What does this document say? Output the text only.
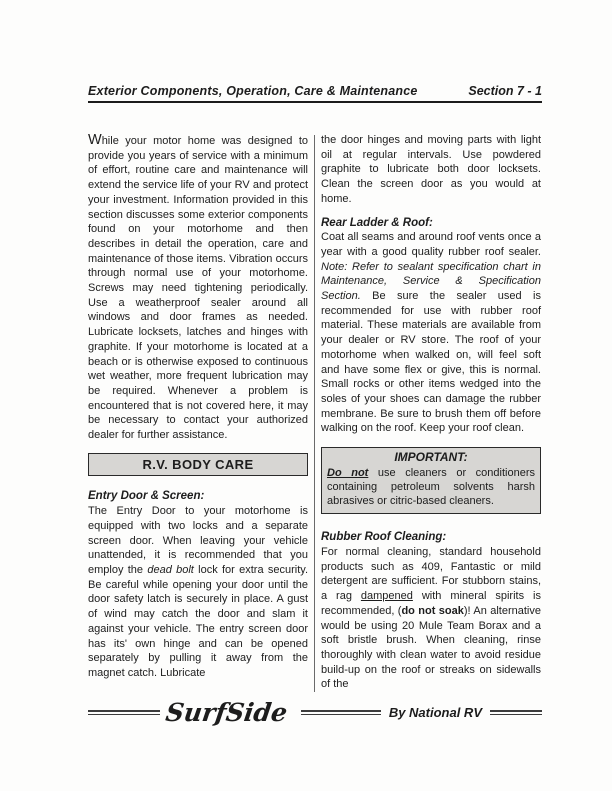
Exterior Components, Operation, Care & Maintenance	Section 7 - 1

While your motor home was designed to provide you years of service with a minimum of effort, routine care and maintenance will extend the service life of your RV and protect your investment. Information provided in this section discusses some exterior components found on your motorhome and then describes in detail the operation, care and maintenance of those items. Vibration occurs through normal use of your motorhome. Screws may need tightening periodically. Use a weatherproof sealer around all windows and door frames as needed. Lubricate locksets, latches and hinges with graphite. If your motorhome is located at a beach or is otherwise exposed to continuous wet weather, more frequent lubrication may be required. Whenever a problem is encountered that is not covered here, it may be necessary to contact your authorized dealer for further assistance.

R.V. BODY CARE

Entry Door & Screen:

The Entry Door to your motorhome is equipped with two locks and a separate screen door. When leaving your vehicle unattended, it is recommended that you employ the dead bolt lock for extra security. Be careful while opening your door until the door safety latch is securely in place. A gust of wind may catch the door and slam it against your vehicle. The entry screen door has its' own hinge and can be opened separately by pulling it away from the magnet catch. Lubricate

the door hinges and moving parts with light oil at regular intervals. Use powdered graphite to lubricate both door locksets. Clean the screen door as you would at home.

Rear Ladder & Roof:

Coat all seams and around roof vents once a year with a good quality rubber roof sealer. Note: Refer to sealant specification chart in Maintenance, Service & Specification Section. Be sure the sealer used is recommended for use with rubber roof material. These materials are available from your dealer or RV store. The roof of your motorhome when walked on, will feel soft and have some flex or give, this is normal. Small rocks or other items wedged into the soles of your shoes can damage the rubber membrane. Be sure to brush them off before walking on the roof. Keep your roof clean.

IMPORTANT:
Do not use cleaners or conditioners containing petroleum solvents harsh abrasives or citric-based cleaners.

Rubber Roof Cleaning:

For normal cleaning, standard household products such as 409, Fantastic or mild detergent are sufficient. For stubborn stains, a rag dampened with mineral spirits is recommended, (do not soak)! An alternative would be using 20 Mule Team Borax and a soft bristle brush. When cleaning, rinse thoroughly with clean water to avoid residue build-up on the roof or streaks on sidewalls of the

SurfSide	By National RV
